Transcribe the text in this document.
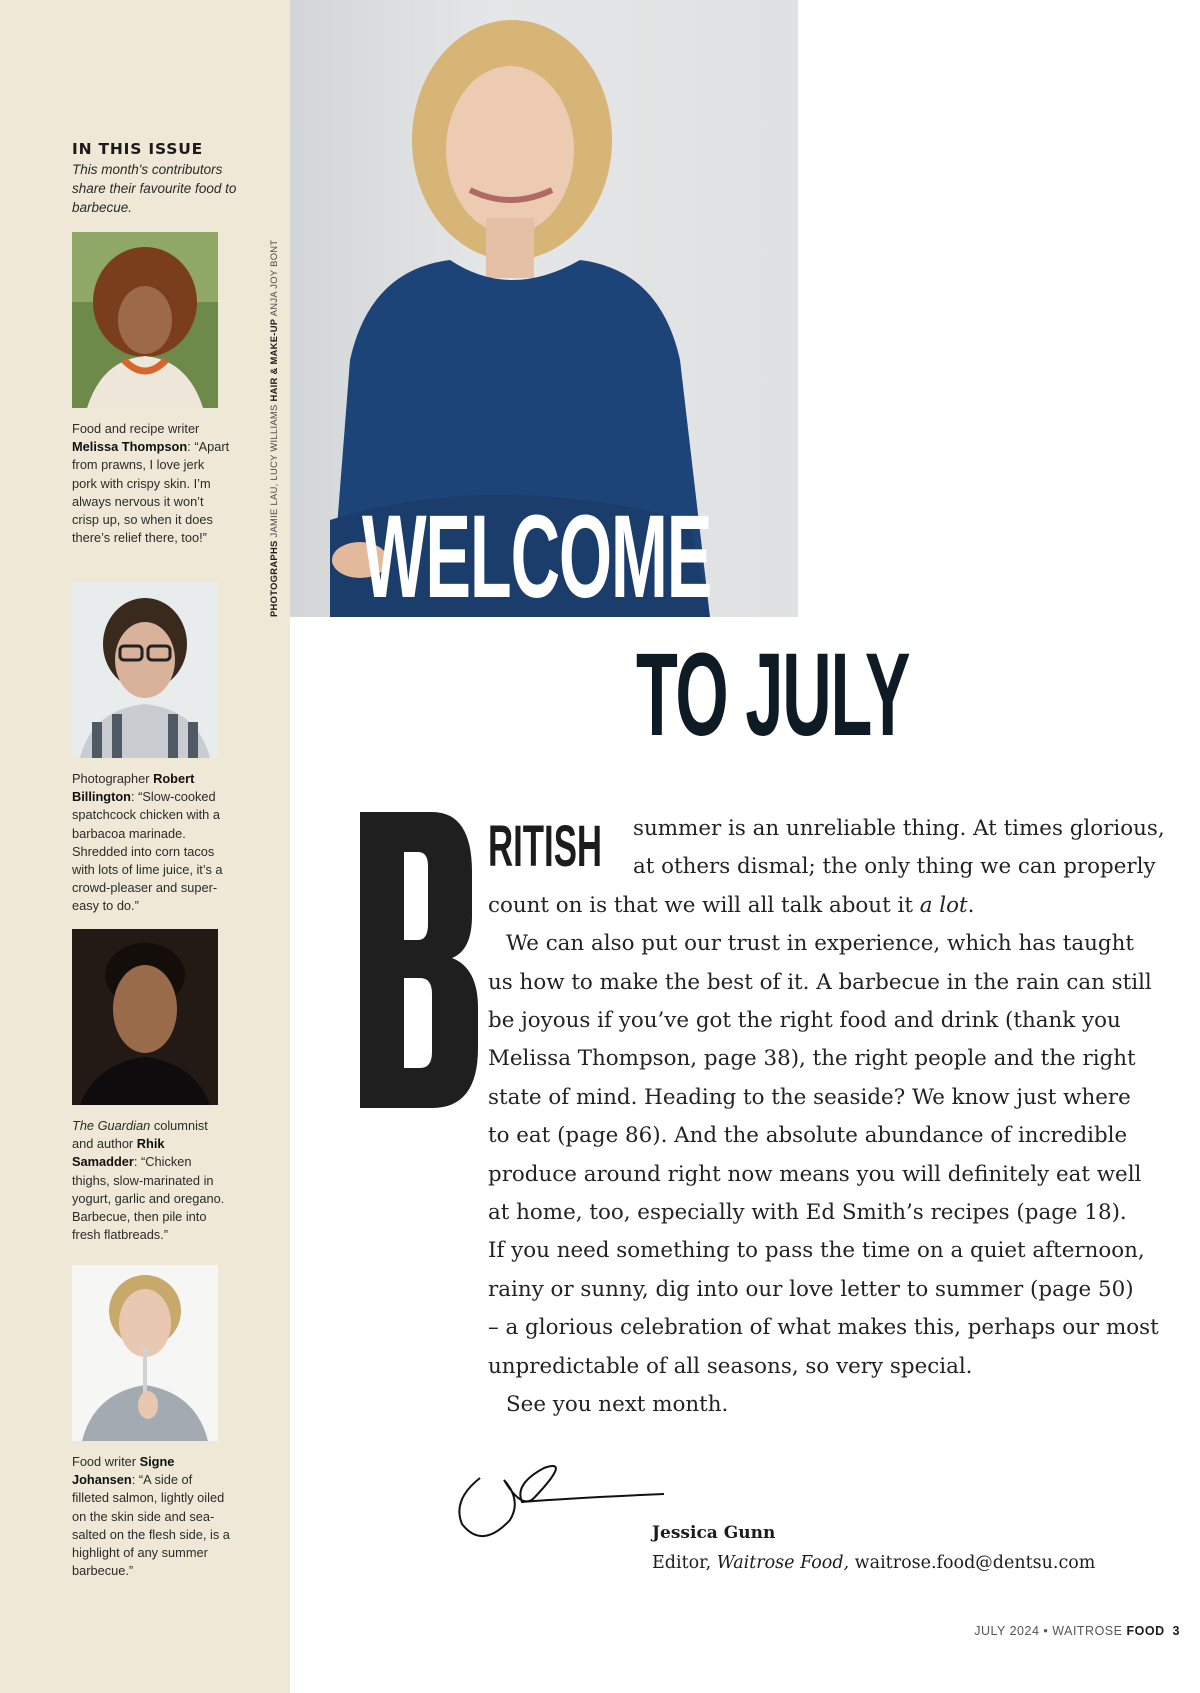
IN THIS ISSUE
This month's contributors share their favourite food to barbecue.
Food and recipe writer Melissa Thompson: “Apart from prawns, I love jerk pork with crispy skin. I’m always nervous it won’t crisp up, so when it does there’s relief there, too!”
Photographer Robert Billington: “Slow-cooked spatchcock chicken with a barbacoa marinade. Shredded into corn tacos with lots of lime juice, it’s a crowd-pleaser and super-easy to do.”
The Guardian columnist and author Rhik Samadder: “Chicken thighs, slow-marinated in yogurt, garlic and oregano. Barbecue, then pile into fresh flatbreads.”
Food writer Signe Johansen: “A side of filleted salmon, lightly oiled on the skin side and sea-salted on the flesh side, is a highlight of any summer barbecue.”
PHOTOGRAPHS JAMIE LAU, LUCY WILLIAMS HAIR & MAKE-UP ANJA JOY BONT
WELCOME
TO JULY
RITISH	summer is an unreliable thing. At times glorious,
at others dismal; the only thing we can properly
count on is that we will all talk about it a lot.
We can also put our trust in experience, which has taught
us how to make the best of it. A barbecue in the rain can still
be joyous if you’ve got the right food and drink (thank you
Melissa Thompson, page 38), the right people and the right
state of mind. Heading to the seaside? We know just where
to eat (page 86). And the absolute abundance of incredible
produce around right now means you will definitely eat well
at home, too, especially with Ed Smith’s recipes (page 18).
If you need something to pass the time on a quiet afternoon,
rainy or sunny, dig into our love letter to summer (page 50)
– a glorious celebration of what makes this, perhaps our most
unpredictable of all seasons, so very special.
See you next month.
Jessica Gunn
Editor, Waitrose Food, waitrose.food@dentsu.com
JULY 2024 • WAITROSE FOOD 3
